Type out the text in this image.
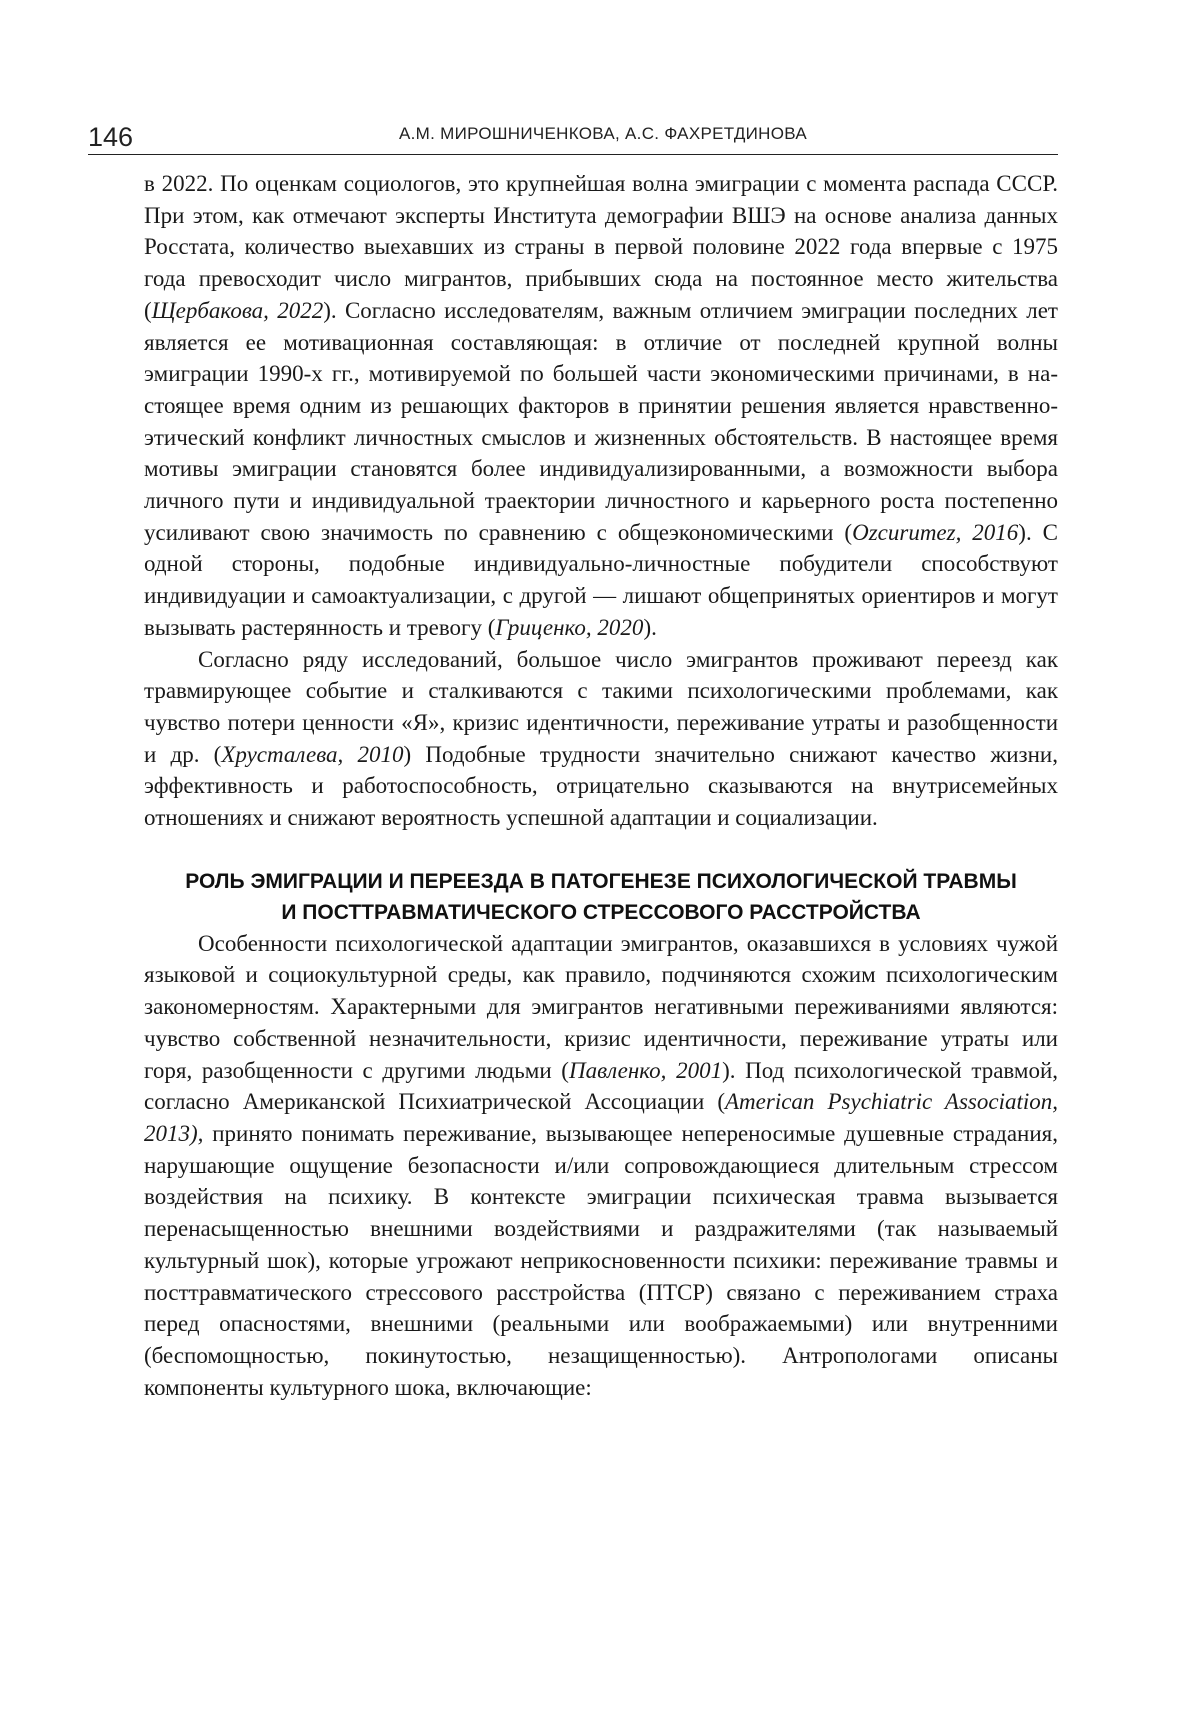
146	А.М. МИРОШНИЧЕНКОВА, А.С. ФАХРЕТДИНОВА

в 2022. По оценкам социологов, это крупнейшая волна эмиграции с момента распада СССР. При этом, как отмечают эксперты Института демографии ВШЭ на основе анализа данных Росстата, количество выехавших из страны в первой половине 2022 года впервые с 1975 года превосходит число мигрантов, прибывших сюда на постоянное место жительства (Щербакова, 2022). Согласно исследователям, важным отличием эмиграции последних лет является ее мотивационная составляющая: в отличие от последней крупной волны эмиграции 1990-х гг., мотивируемой по большей части экономическими причинами, в настоящее время одним из решающих факторов в принятии решения является нравственно-этический конфликт личностных смыслов и жизненных обстоятельств. В настоящее время мотивы эмиграции становятся более индивидуализированными, а возможности выбора личного пути и индивидуальной траектории личностного и карьерного роста постепенно усиливают свою значимость по сравнению с общеэкономическими (Ozcurumez, 2016). С одной стороны, подобные индивидуально-личностные побудители способствуют индивидуации и самоактуализации, с другой — лишают общепринятых ориентиров и могут вызывать растерянность и тревогу (Гриценко, 2020).

Согласно ряду исследований, большое число эмигрантов проживают переезд как травмирующее событие и сталкиваются с такими психологическими проблемами, как чувство потери ценности «Я», кризис идентичности, переживание утраты и разобщенности и др. (Хрусталева, 2010) Подобные трудности значительно снижают качество жизни, эффективность и работоспособность, отрицательно сказываются на внутрисемейных отношениях и снижают вероятность успешной адаптации и социализации.

РОЛЬ ЭМИГРАЦИИ И ПЕРЕЕЗДА В ПАТОГЕНЕЗЕ ПСИХОЛОГИЧЕСКОЙ ТРАВМЫ
И ПОСТТРАВМАТИЧЕСКОГО СТРЕССОВОГО РАССТРОЙСТВА

Особенности психологической адаптации эмигрантов, оказавшихся в условиях чужой языковой и социокультурной среды, как правило, подчиняются схожим психологическим закономерностям. Характерными для эмигрантов негативными переживаниями являются: чувство собственной незначительности, кризис идентичности, переживание утраты или горя, разобщенности с другими людьми (Павленко, 2001). Под психологической травмой, согласно Американской Психиатрической Ассоциации (American Psychiatric Association, 2013), принято понимать переживание, вызывающее непереносимые душевные страдания, нарушающие ощущение безопасности и/или сопровождающиеся длительным стрессом воздействия на психику. В контексте эмиграции психическая травма вызывается перенасыщенностью внешними воздействиями и раздражителями (так называемый культурный шок), которые угрожают неприкосновенности психики: переживание травмы и посттравматического стрессового расстройства (ПТСР) связано с переживанием страха перед опасностями, внешними (реальными или воображаемыми) или внутренними (беспомощностью, покинутостью, незащищенностью). Антропологами описаны компоненты культурного шока, включающие:
